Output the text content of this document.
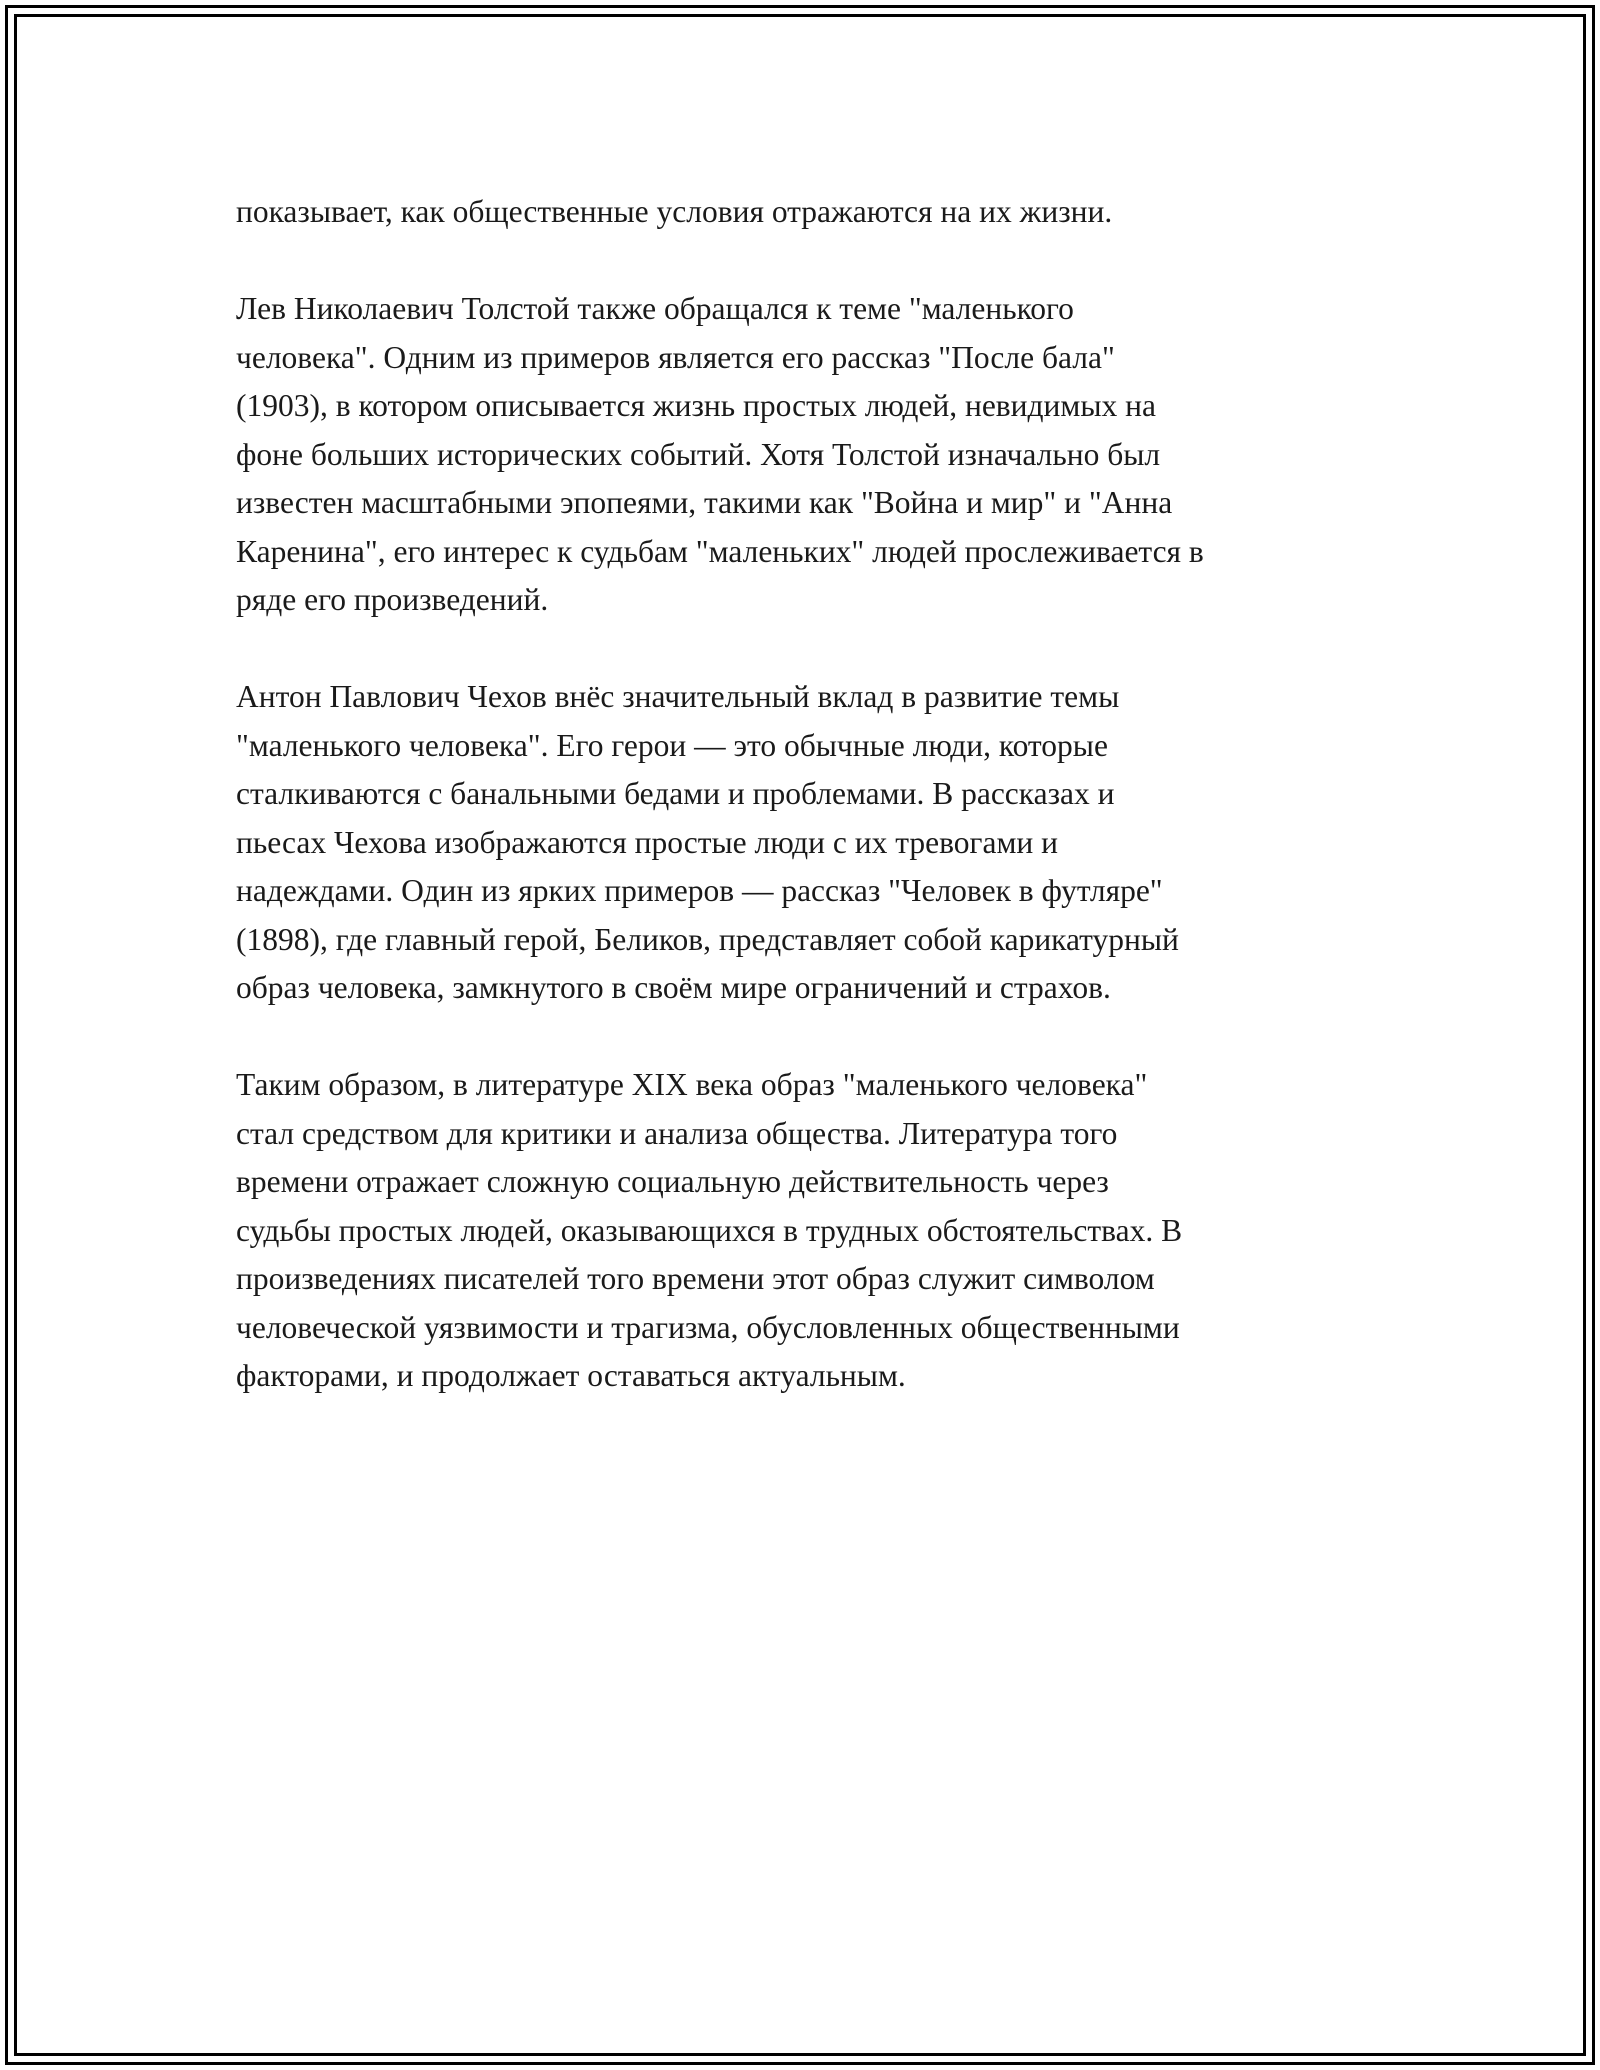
показывает, как общественные условия отражаются на их жизни.

Лев Николаевич Толстой также обращался к теме "маленького
человека". Одним из примеров является его рассказ "После бала"
(1903), в котором описывается жизнь простых людей, невидимых на
фоне больших исторических событий. Хотя Толстой изначально был
известен масштабными эпопеями, такими как "Война и мир" и "Анна
Каренина", его интерес к судьбам "маленьких" людей прослеживается в
ряде его произведений.

Антон Павлович Чехов внёс значительный вклад в развитие темы
"маленького человека". Его герои — это обычные люди, которые
сталкиваются с банальными бедами и проблемами. В рассказах и
пьесах Чехова изображаются простые люди с их тревогами и
надеждами. Один из ярких примеров — рассказ "Человек в футляре"
(1898), где главный герой, Беликов, представляет собой карикатурный
образ человека, замкнутого в своём мире ограничений и страхов.

Таким образом, в литературе XIX века образ "маленького человека"
стал средством для критики и анализа общества. Литература того
времени отражает сложную социальную действительность через
судьбы простых людей, оказывающихся в трудных обстоятельствах. В
произведениях писателей того времени этот образ служит символом
человеческой уязвимости и трагизма, обусловленных общественными
факторами, и продолжает оставаться актуальным.
